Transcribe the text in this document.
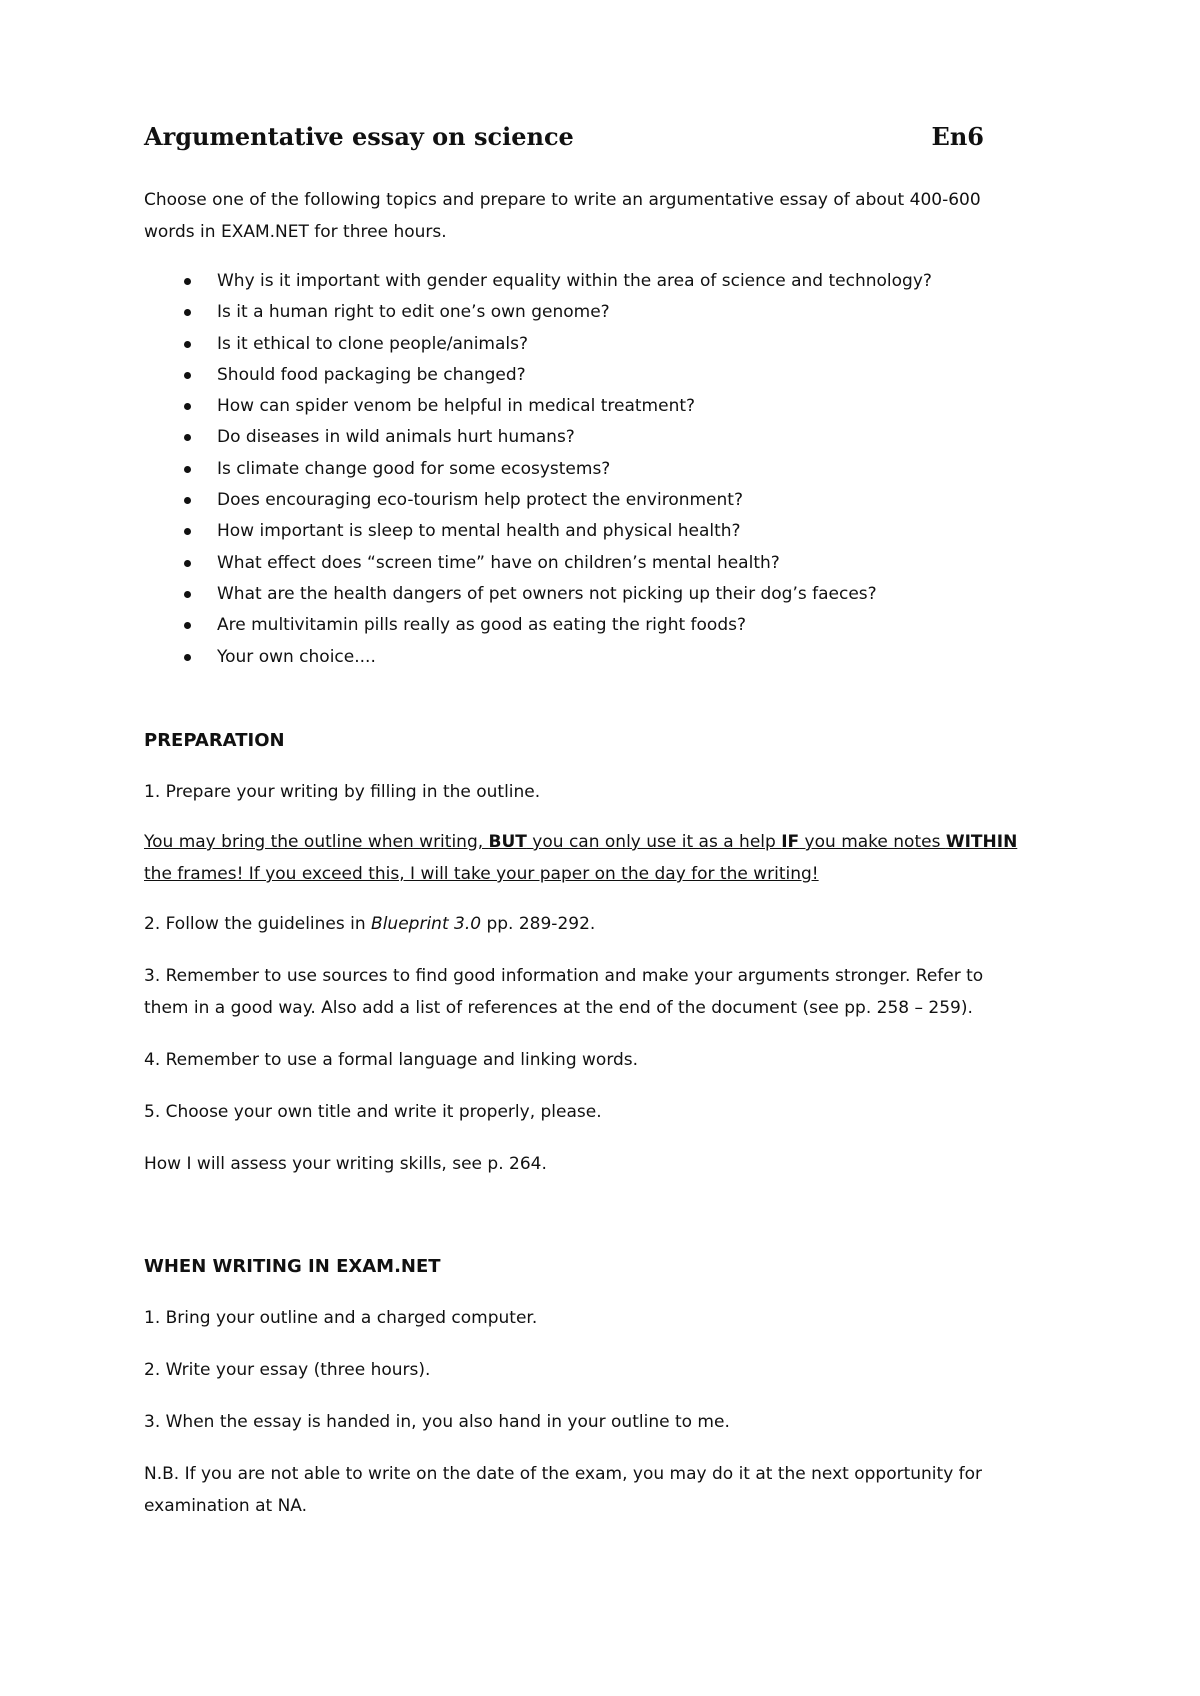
Argumentative essay on science	En6
Choose one of the following topics and prepare to write an argumentative essay of about 400-600
words in EXAM.NET for three hours.
Why is it important with gender equality within the area of science and technology?
Is it a human right to edit one’s own genome?
Is it ethical to clone people/animals?
Should food packaging be changed?
How can spider venom be helpful in medical treatment?
Do diseases in wild animals hurt humans?
Is climate change good for some ecosystems?
Does encouraging eco-tourism help protect the environment?
How important is sleep to mental health and physical health?
What effect does “screen time” have on children’s mental health?
What are the health dangers of pet owners not picking up their dog’s faeces?
Are multivitamin pills really as good as eating the right foods?
Your own choice....
PREPARATION
1. Prepare your writing by filling in the outline.
You may bring the outline when writing, BUT you can only use it as a help IF you make notes WITHIN
the frames! If you exceed this, I will take your paper on the day for the writing!
2. Follow the guidelines in Blueprint 3.0 pp. 289-292.
3. Remember to use sources to find good information and make your arguments stronger. Refer to
them in a good way. Also add a list of references at the end of the document (see pp. 258 – 259).
4. Remember to use a formal language and linking words.
5. Choose your own title and write it properly, please.
How I will assess your writing skills, see p. 264.
WHEN WRITING IN EXAM.NET
1. Bring your outline and a charged computer.
2. Write your essay (three hours).
3. When the essay is handed in, you also hand in your outline to me.
N.B. If you are not able to write on the date of the exam, you may do it at the next opportunity for
examination at NA.
